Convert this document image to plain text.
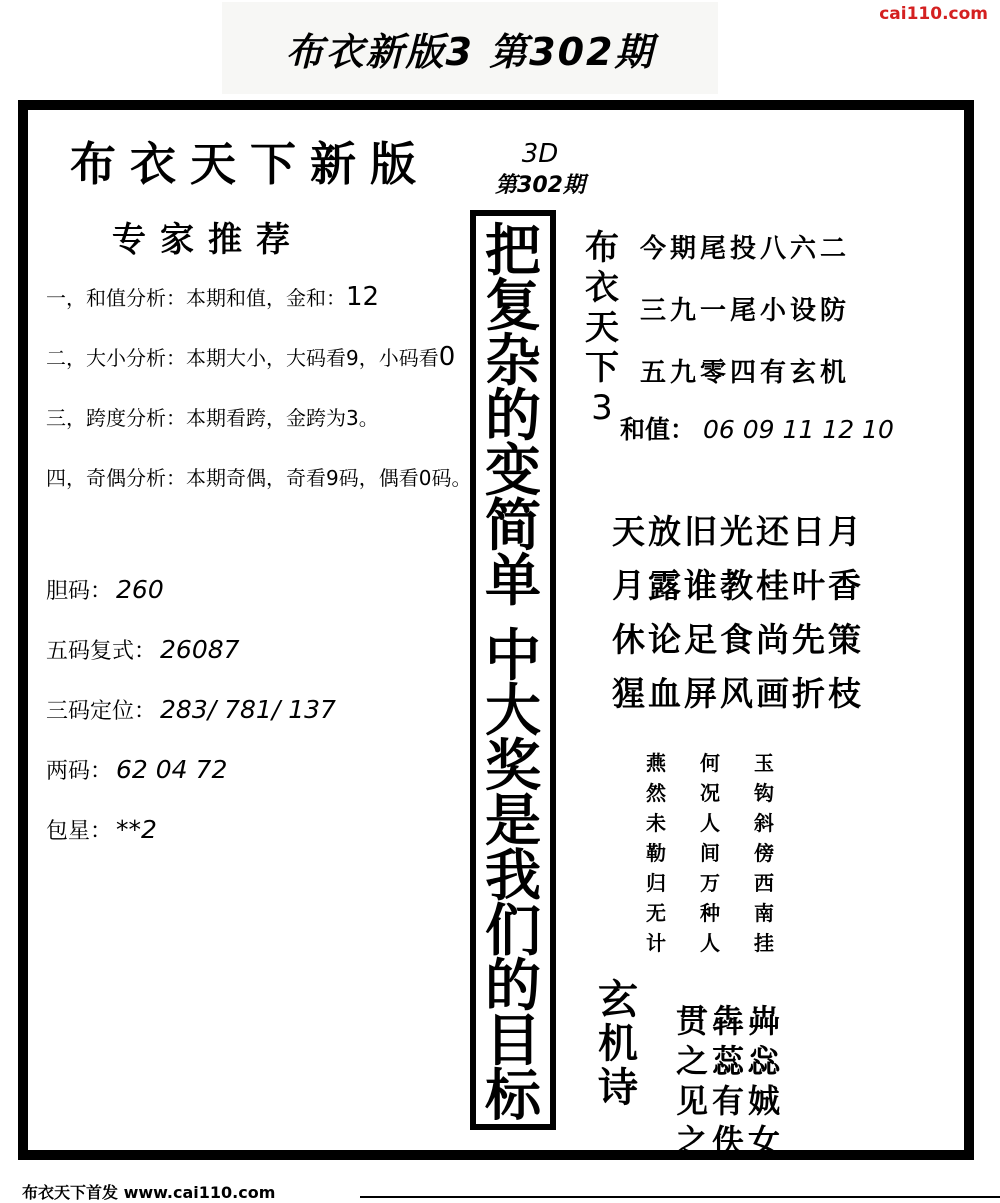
cai110.com
布衣新版3 第302期
布衣天下新版
专家推荐
一，和值分析：本期和值，金和：12
二，大小分析：本期大小，大码看9，小码看0
三，跨度分析：本期看跨，金跨为3。
四，奇偶分析：本期奇偶，奇看9码，偶看0码。
胆码： 260
五码复式： 26087
三码定位： 283/ 781/ 137
两码： 62 04 72
包星： **2
3D
第302期
把
复
杂
的
变
简
单
中
大
奖
是
我
们
的
目
标
布
衣
天
下
3
今期尾投八六二
三九一尾小设防
五九零四有玄机
和值： 06 09 11 12 10
天放旧光还日月
月露谁教桂叶香
休论足食尚先策
猩血屏风画折枝
燕
然
未
勒
归
无
计
何
况
人
间
万
种
人
玉
钩
斜
傍
西
南
挂
玄
机
诗
贯犇芔
之蕊惢
见有娍
之佚女
布衣天下首发 www.cai110.com
